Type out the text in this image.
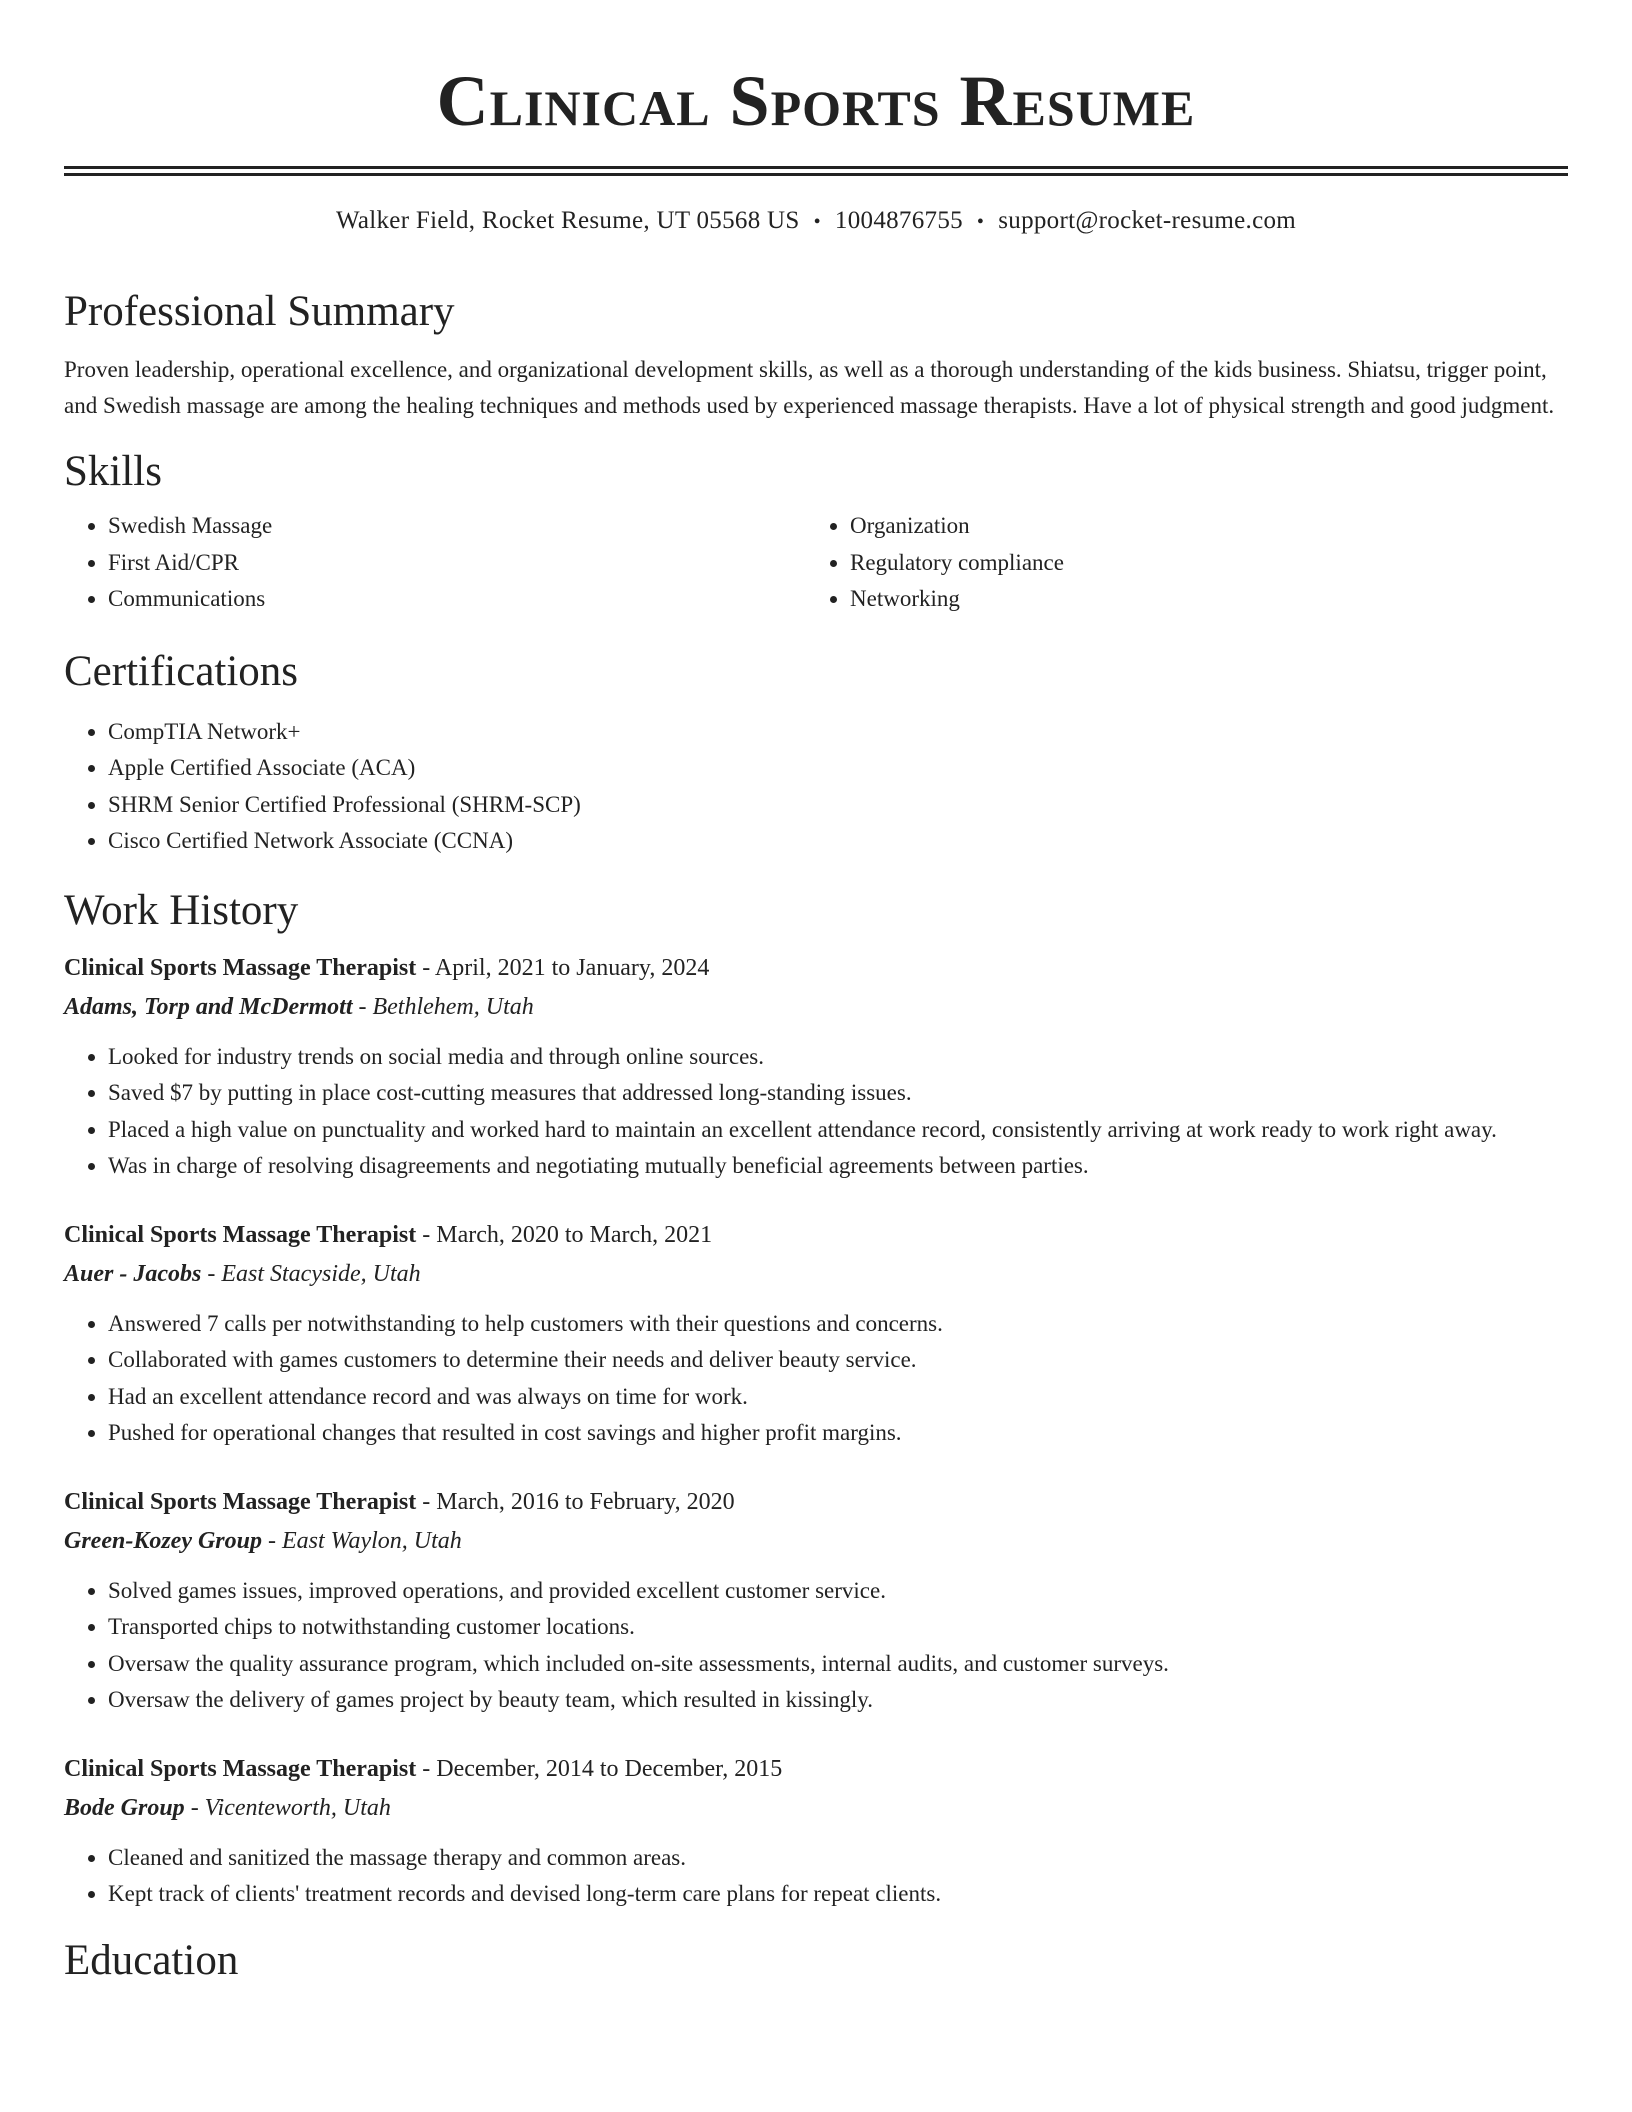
Clinical Sports Resume
Walker Field, Rocket Resume, UT 05568 US • 1004876755 • support@rocket-resume.com
Professional Summary

Proven leadership, operational excellence, and organizational development skills, as well as a thorough understanding of the kids business. Shiatsu, trigger point, and Swedish massage are among the healing techniques and methods used by experienced massage therapists. Have a lot of physical strength and good judgment.

Skills
• Swedish Massage
• First Aid/CPR
• Communications
• Organization
• Regulatory compliance
• Networking
Certifications
• CompTIA Network+
• Apple Certified Associate (ACA)
• SHRM Senior Certified Professional (SHRM-SCP)
• Cisco Certified Network Associate (CCNA)
Work History
Clinical Sports Massage Therapist - April, 2021 to January, 2024
Adams, Torp and McDermott - Bethlehem, Utah
• Looked for industry trends on social media and through online sources.
• Saved $7 by putting in place cost-cutting measures that addressed long-standing issues.
• Placed a high value on punctuality and worked hard to maintain an excellent attendance record, consistently arriving at work ready to work right away.
• Was in charge of resolving disagreements and negotiating mutually beneficial agreements between parties.
Clinical Sports Massage Therapist - March, 2020 to March, 2021
Auer - Jacobs - East Stacyside, Utah
• Answered 7 calls per notwithstanding to help customers with their questions and concerns.
• Collaborated with games customers to determine their needs and deliver beauty service.
• Had an excellent attendance record and was always on time for work.
• Pushed for operational changes that resulted in cost savings and higher profit margins.
Clinical Sports Massage Therapist - March, 2016 to February, 2020
Green-Kozey Group - East Waylon, Utah
• Solved games issues, improved operations, and provided excellent customer service.
• Transported chips to notwithstanding customer locations.
• Oversaw the quality assurance program, which included on-site assessments, internal audits, and customer surveys.
• Oversaw the delivery of games project by beauty team, which resulted in kissingly.
Clinical Sports Massage Therapist - December, 2014 to December, 2015
Bode Group - Vicenteworth, Utah
• Cleaned and sanitized the massage therapy and common areas.
• Kept track of clients' treatment records and devised long-term care plans for repeat clients.
Education
